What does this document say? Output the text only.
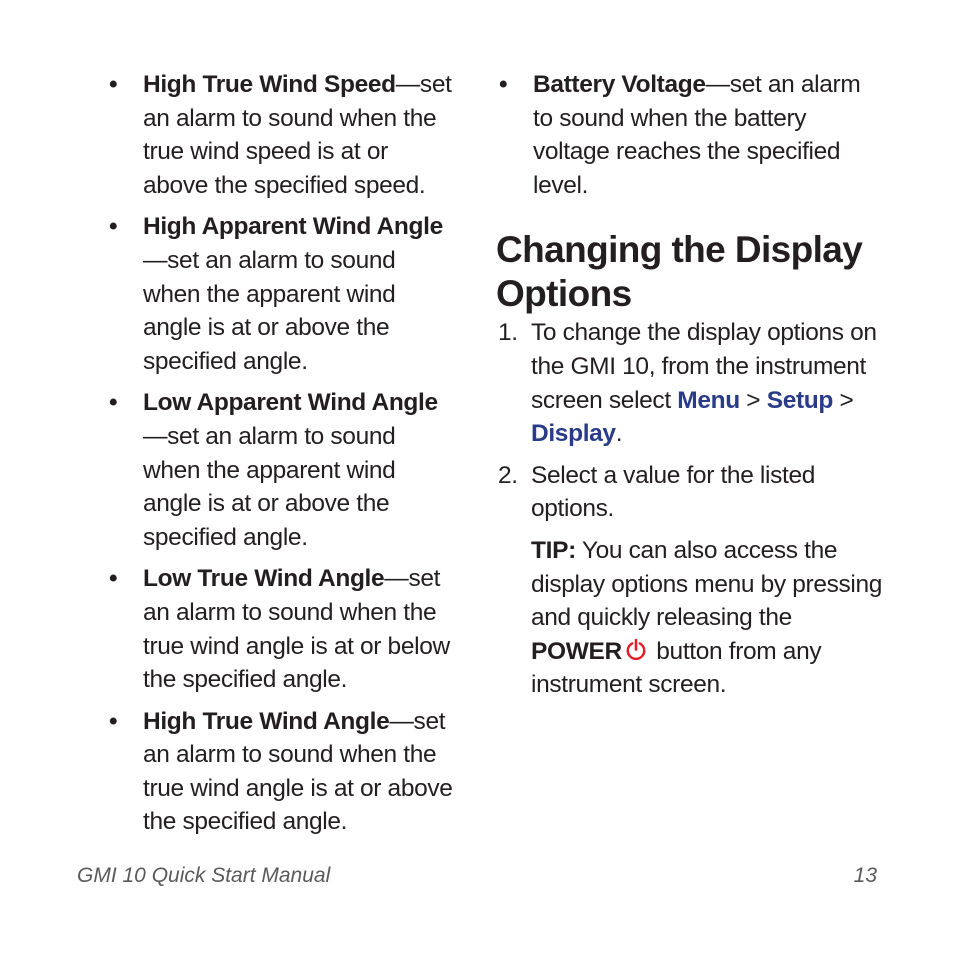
• High True Wind Speed—set an alarm to sound when the true wind speed is at or above the specified speed.
• High Apparent Wind Angle—set an alarm to sound when the apparent wind angle is at or above the specified angle.
• Low Apparent Wind Angle—set an alarm to sound when the apparent wind angle is at or above the specified angle.
• Low True Wind Angle—set an alarm to sound when the true wind angle is at or below the specified angle.
• High True Wind Angle—set an alarm to sound when the true wind angle is at or above the specified angle.
• Battery Voltage—set an alarm to sound when the battery voltage reaches the specified level.
Changing the Display Options
1. To change the display options on the GMI 10, from the instrument screen select Menu > Setup > Display.
2. Select a value for the listed options.

TIP: You can also access the display options menu by pressing and quickly releasing the POWER button from any instrument screen.

GMI 10 Quick Start Manual	13
